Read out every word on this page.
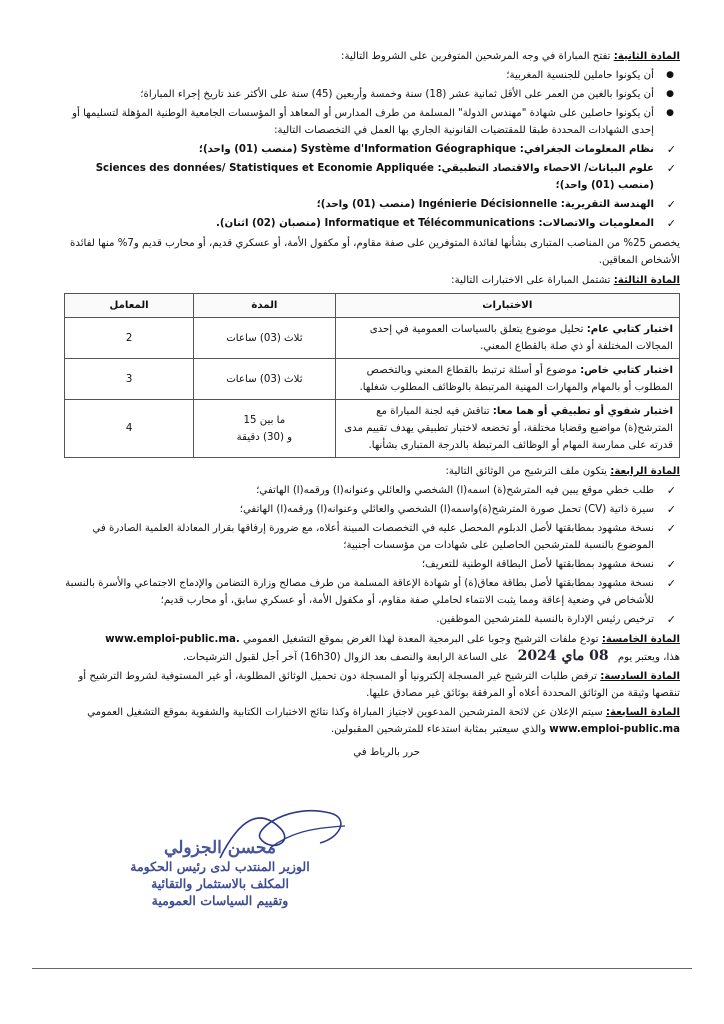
المادة الثانية: تفتح المباراة في وجه المرشحين المتوفرين على الشروط التالية:

● أن يكونوا حاملين للجنسية المغربية؛
● أن يكونوا بالغين من العمر على الأقل ثمانية عشر (18) سنة وخمسة وأربعين (45) سنة على الأكثر عند تاريخ إجراء المباراة؛
● أن يكونوا حاصلين على شهادة "مهندس الدولة" المسلمة من طرف المدارس أو المعاهد أو المؤسسات الجامعية الوطنية المؤهلة لتسليمها أو إحدى الشهادات المحددة طبقا للمقتضيات القانونية الجاري بها العمل في التخصصات التالية:
✓
نظام المعلومات الجغرافي: Système d'Information Géographique (منصب (01) واحد)؛
✓
علوم البيانات/ الاحصاء والاقتصاد التطبيقي: Sciences des données/ Statistiques et Economie Appliquée (منصب (01) واحد)؛
✓
الهندسة التقريرية: Ingénierie Décisionnelle (منصب (01) واحد)؛
✓
المعلوميات والاتصالات: Informatique et Télécommunications (منصبان (02) اثنان).

يخصص 25% من المناصب المتبارى بشأنها لفائدة المتوفرين على صفة مقاوم، أو مكفول الأمة، أو عسكري قديم، أو محارب قديم و7% منها لفائدة الأشخاص المعاقين.

المادة الثالثة: تشتمل المباراة على الاختبارات التالية:

الاختبارات	المدة	المعامل
اختبار كتابي عام: تحليل موضوع يتعلق بالسياسات العمومية في إحدى المجالات المختلفة أو ذي صلة بالقطاع المعني.	ثلاث (03) ساعات	2
اختبار كتابي خاص: موضوع أو أسئلة ترتبط بالقطاع المعني وبالتخصص المطلوب أو بالمهام والمهارات المهنية المرتبطة بالوظائف المطلوب شغلها.	ثلاث (03) ساعات	3
اختبار شفوي أو تطبيقي أو هما معا: تناقش فيه لجنة المباراة مع المترشح(ة) مواضيع وقضايا مختلفة، أو تخضعه لاختبار تطبيقي يهدف تقييم مدى قدرته على ممارسة المهام أو الوظائف المرتبطة بالدرجة المتبارى بشأنها.	ما بين 15
و (30) دقيقة	4

المادة الرابعة: يتكون ملف الترشيح من الوثائق التالية:

✓
طلب خطي موقع يبين فيه المترشح(ة) اسمه(ا) الشخصي والعائلي وعنوانه(ا) ورقمه(ا) الهاتفي؛
✓
سيرة ذاتية (CV) تحمل صورة المترشح(ة)واسمه(ا) الشخصي والعائلي وعنوانه(ا) ورقمه(ا) الهاتفي؛
✓
نسخة مشهود بمطابقتها لأصل الدبلوم المحصل عليه في التخصصات المبينة أعلاه، مع ضرورة إرفاقها بقرار المعادلة العلمية الصادرة في الموضوع بالنسبة للمترشحين الحاصلين على شهادات من مؤسسات أجنبية؛
✓
نسخة مشهود بمطابقتها لأصل البطاقة الوطنية للتعريف؛
✓
نسخة مشهود بمطابقتها لأصل بطاقة معاق(ة) أو شهادة الإعاقة المسلمة من طرف مصالح وزارة التضامن والإدماج الاجتماعي والأسرة بالنسبة للأشخاص في وضعية إعاقة ومما يثبت الانتماء لحاملي صفة مقاوم، أو مكفول الأمة، أو عسكري سابق، أو محارب قديم؛
✓
ترخيص رئيس الإدارة بالنسبة للمترشحين الموظفين.

المادة الخامسة: تودع ملفات الترشيح وجوبا على البرمجية المعدة لهذا الغرض بموقع التشغيل العمومي www.emploi-public.ma.

هذا، ويعتبر يوم 08 ماي 2024 على الساعة الرابعة والنصف بعد الزوال (16h30) آخر أجل لقبول الترشيحات.

المادة السادسة: ترفض طلبات الترشيح غير المسجلة إلكترونيا أو المسجلة دون تحميل الوثائق المطلوبة، أو غير المستوفية لشروط الترشيح أو تنقصها وثيقة من الوثائق المحددة أعلاه أو المرفقة بوثائق غير مصادق عليها.

المادة السابعة: سيتم الإعلان عن لائحة المترشحين المدعوين لاجتياز المباراة وكذا نتائج الاختبارات الكتابية والشفوية بموقع التشغيل العمومي www.emploi-public.ma والذي سيعتبر بمثابة استدعاء للمترشحين المقبولين.

حرر بالرباط في

محسن الجزولي
الوزير المنتدب لدى رئيس الحكومة
المكلف بالاستثمار والتقائية
وتقييم السياسات العمومية
